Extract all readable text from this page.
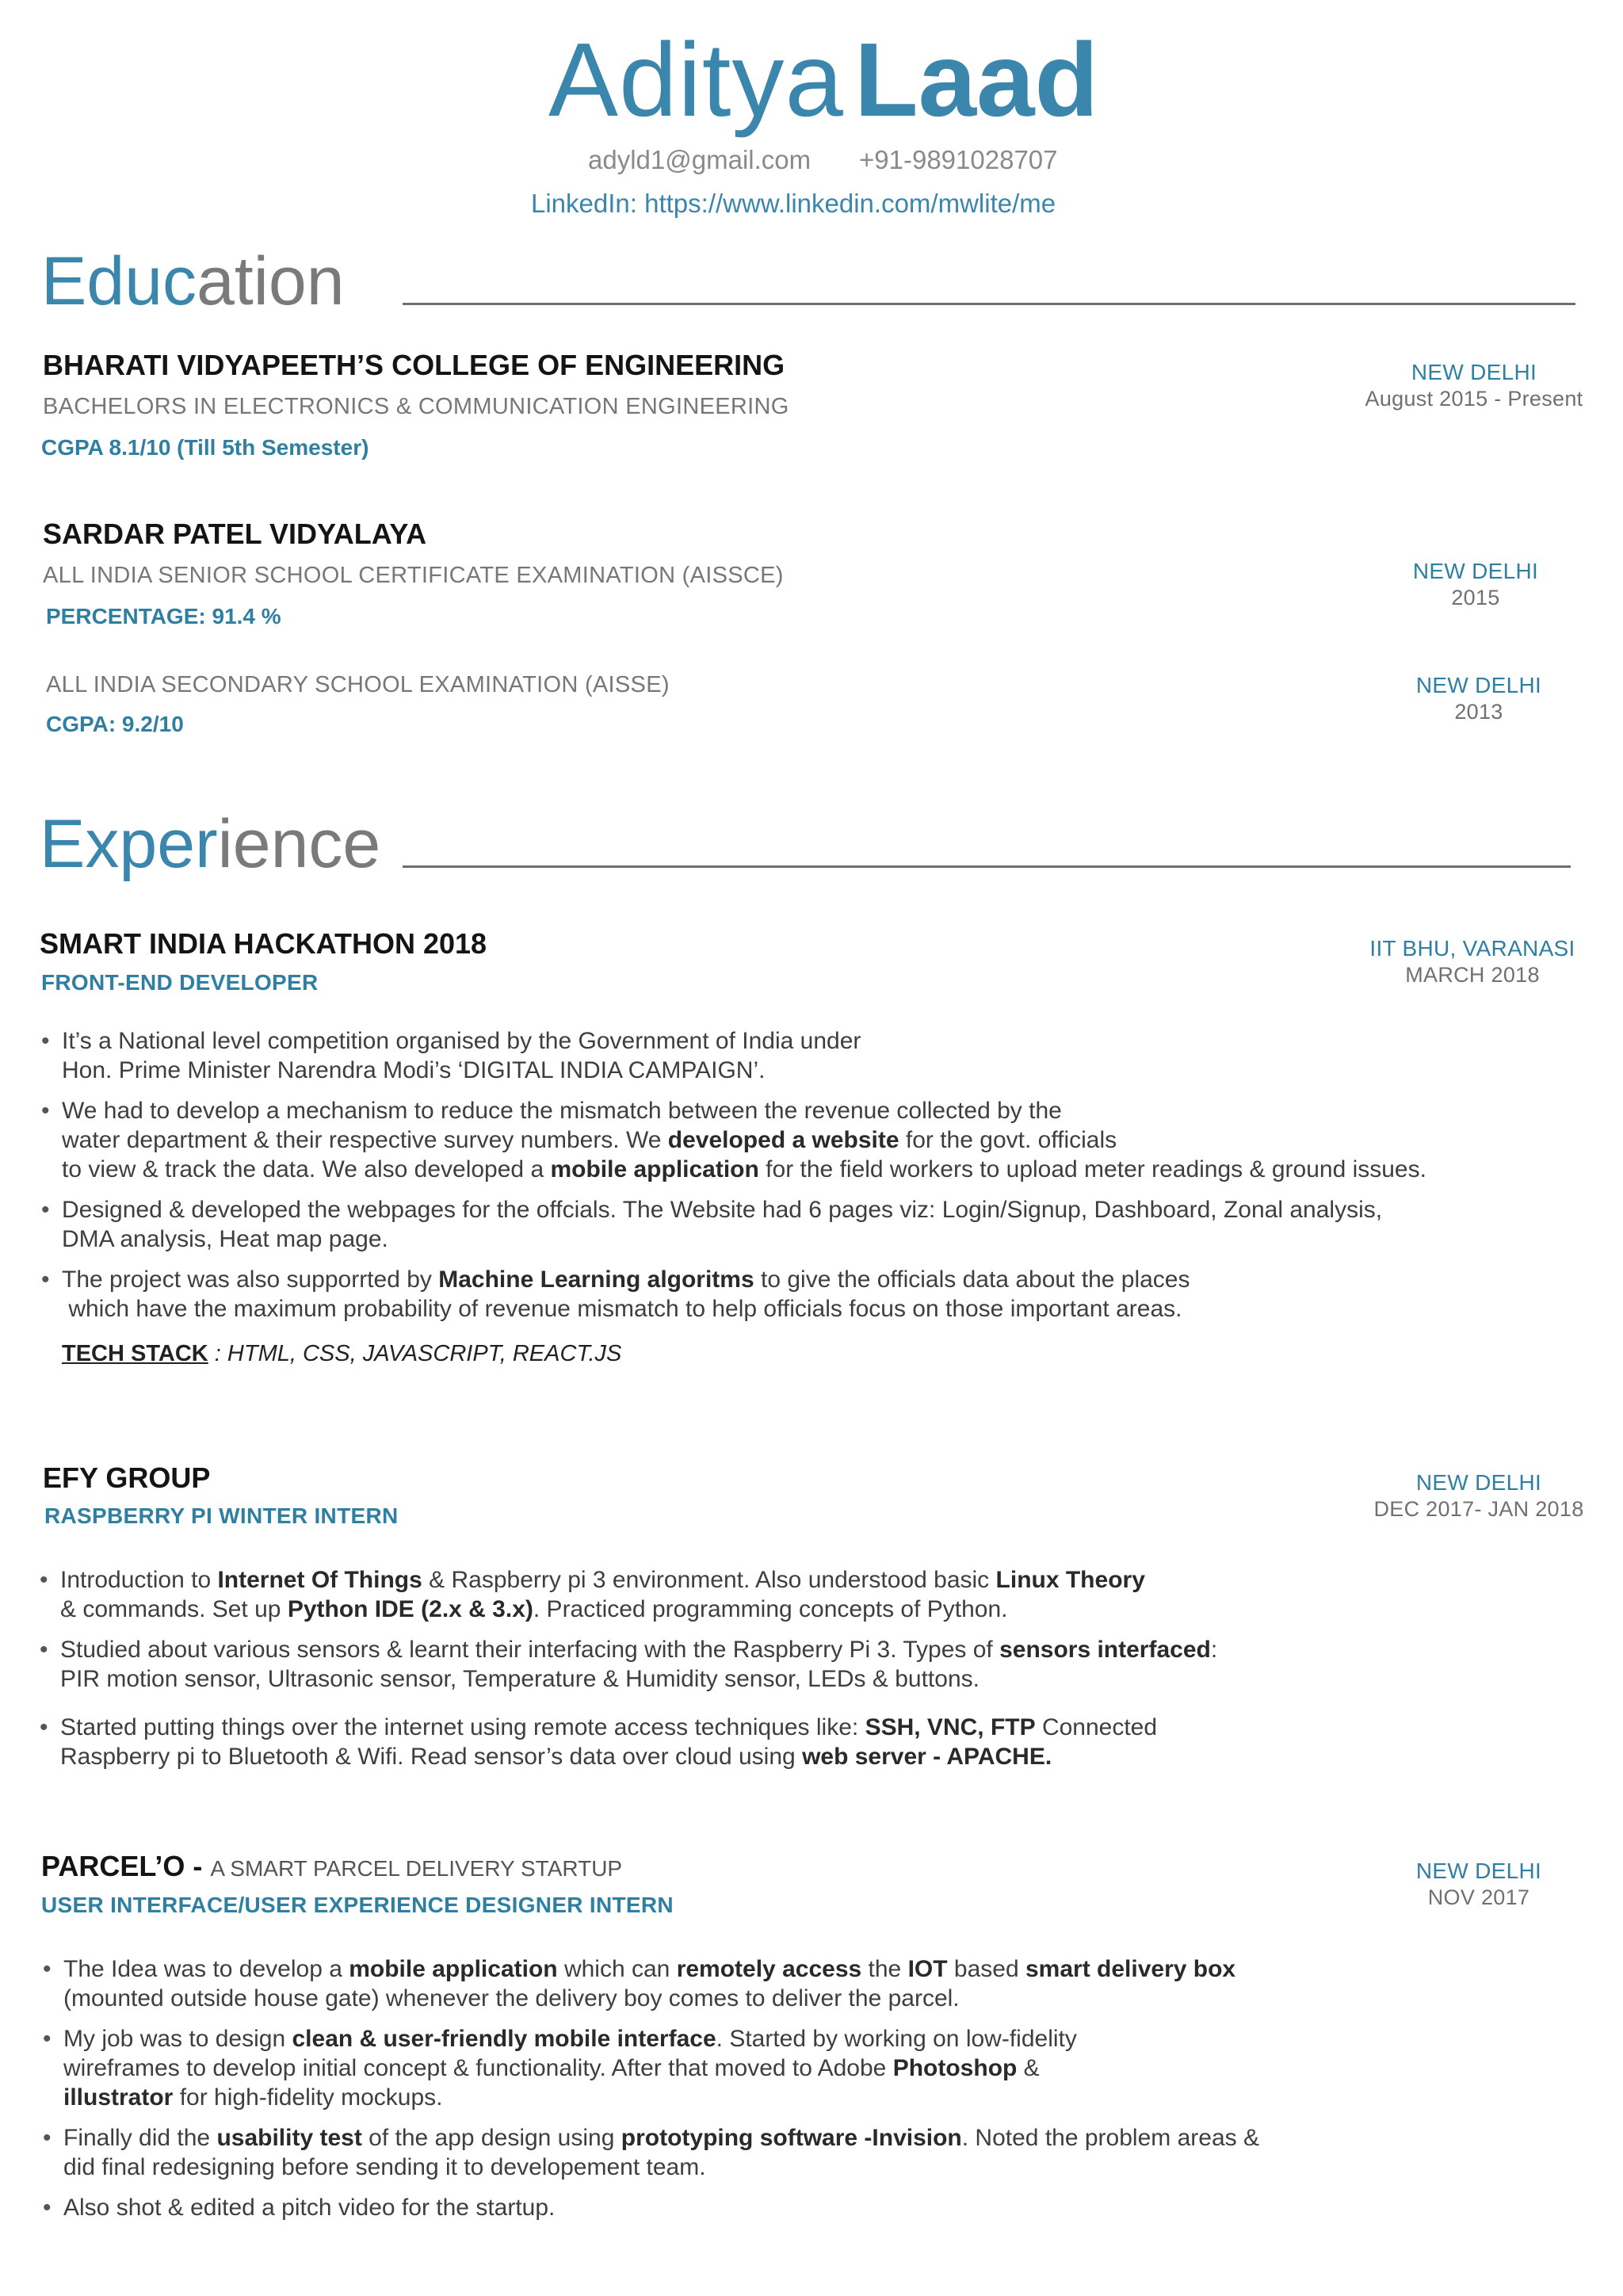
Aditya Laad
adyld1@gmail.com +91-9891028707
LinkedIn: https://www.linkedin.com/mwlite/me
Education
BHARATI VIDYAPEETH’S COLLEGE OF ENGINEERING
BACHELORS IN ELECTRONICS & COMMUNICATION ENGINEERING
CGPA 8.1/10 (Till 5th Semester)
NEW DELHI
August 2015 - Present
SARDAR PATEL VIDYALAYA
ALL INDIA SENIOR SCHOOL CERTIFICATE EXAMINATION (AISSCE)
PERCENTAGE: 91.4 %
NEW DELHI
2015
ALL INDIA SECONDARY SCHOOL EXAMINATION (AISSE)
CGPA: 9.2/10
NEW DELHI
2013
Experience
SMART INDIA HACKATHON 2018
FRONT-END DEVELOPER
IIT BHU, VARANASI
MARCH 2018
• It’s a National level competition organised by the Government of India under
Hon. Prime Minister Narendra Modi’s ‘DIGITAL INDIA CAMPAIGN’.
• We had to develop a mechanism to reduce the mismatch between the revenue collected by the
water department & their respective survey numbers. We developed a website for the govt. officials
to view & track the data. We also developed a mobile application for the field workers to upload meter readings & ground issues.
• Designed & developed the webpages for the offcials. The Website had 6 pages viz: Login/Signup, Dashboard, Zonal analysis,
DMA analysis, Heat map page.
• The project was also supporrted by Machine Learning algoritms to give the officials data about the places
which have the maximum probability of revenue mismatch to help officials focus on those important areas.
TECH STACK : HTML, CSS, JAVASCRIPT, REACT.JS
EFY GROUP
RASPBERRY PI WINTER INTERN
NEW DELHI
DEC 2017- JAN 2018
• Introduction to Internet Of Things & Raspberry pi 3 environment. Also understood basic Linux Theory
& commands. Set up Python IDE (2.x & 3.x). Practiced programming concepts of Python.
• Studied about various sensors & learnt their interfacing with the Raspberry Pi 3. Types of sensors interfaced:
PIR motion sensor, Ultrasonic sensor, Temperature & Humidity sensor, LEDs & buttons.
• Started putting things over the internet using remote access techniques like: SSH, VNC, FTP Connected
Raspberry pi to Bluetooth & Wifi. Read sensor’s data over cloud using web server - APACHE.
PARCEL’O - A SMART PARCEL DELIVERY STARTUP
USER INTERFACE/USER EXPERIENCE DESIGNER INTERN
NEW DELHI
NOV 2017
• The Idea was to develop a mobile application which can remotely access the IOT based smart delivery box
(mounted outside house gate) whenever the delivery boy comes to deliver the parcel.
• My job was to design clean & user-friendly mobile interface. Started by working on low-fidelity
wireframes to develop initial concept & functionality. After that moved to Adobe Photoshop &
illustrator for high-fidelity mockups.
• Finally did the usability test of the app design using prototyping software -Invision. Noted the problem areas &
did final redesigning before sending it to developement team.
• Also shot & edited a pitch video for the startup.
